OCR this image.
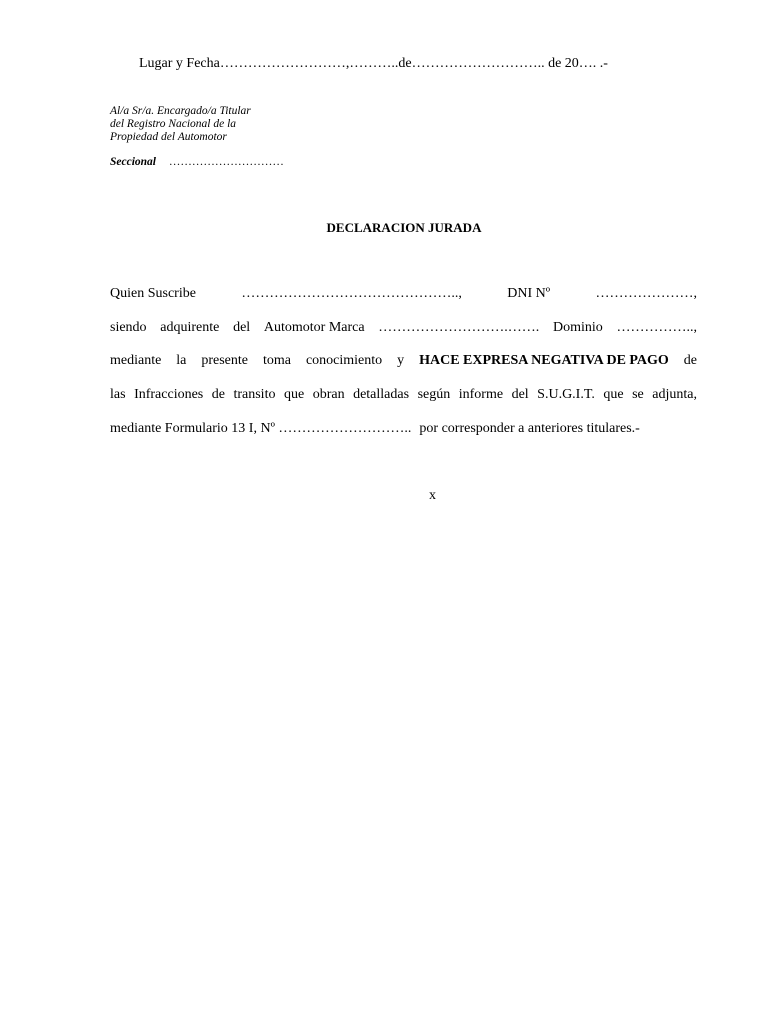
Lugar y Fecha………………………,………..de……………………….. de 20…. .-
Al/a Sr/a. Encargado/a Titular
del Registro Nacional de la
Propiedad del Automotor
Seccional …………………………
DECLARACION JURADA
Quien Suscribe	………………………………………..,	DNI Nº	…………………,
siendo adquirente del Automotor Marca ……………………….……. Dominio ……………..,
mediante la presente toma conocimiento y HACE EXPRESA NEGATIVA DE PAGO de
las Infracciones de transito que obran detalladas según informe del S.U.G.I.T. que se adjunta,
mediante Formulario 13 I, Nº ……………………….. por corresponder a anteriores titulares.-
x
